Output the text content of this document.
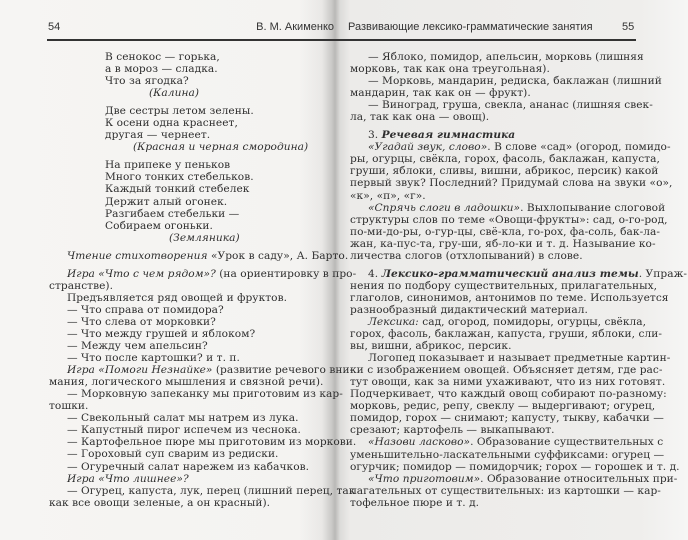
54	В. М. Акименко
В сенокос — горька,
а в мороз — сладка.
Что за ягодка?
(Калина)
Две сестры летом зелены.
К осени одна краснеет,
другая — чернеет.
(Красная и черная смородина)
На припеке у пеньков
Много тонких стебельков.
Каждый тонкий стебелек
Держит алый огонек.
Разгибаем стебельки —
Собираем огоньки.
(Земляника)
Чтение стихотворения «Урок в саду», А. Барто.
Игра «Что с чем рядом»? (на ориентировку в про-
странстве).
Предъявляется ряд овощей и фруктов.
— Что справа от помидора?
— Что слева от морковки?
— Что между грушей и яблоком?
— Между чем апельсин?
— Что после картошки? и т. п.
Игра «Помоги Незнайке» (развитие речевого вни-
мания, логического мышления и связной речи).
— Морковную запеканку мы приготовим из кар-
тошки.
— Свекольный салат мы натрем из лука.
— Капустный пирог испечем из чеснока.
— Картофельное пюре мы приготовим из моркови.
— Гороховый суп сварим из редиски.
— Огуречный салат нарежем из кабачков.
Игра «Что лишнее»?
— Огурец, капуста, лук, перец (лишний перец, так
как все овощи зеленые, а он красный).
Развивающие лексико-грамматические занятия	55
— Яблоко, помидор, апельсин, морковь (лишняя
морковь, так как она треугольная).
— Морковь, мандарин, редиска, баклажан (лишний
мандарин, так как он — фрукт).
— Виноград, груша, свекла, ананас (лишняя свек-
ла, так как она — овощ).
3. Речевая гимнастика
«Угадай звук, слово». В слове «сад» (огород, помидо-
ры, огурцы, свёкла, горох, фасоль, баклажан, капуста,
груши, яблоки, сливы, вишни, абрикос, персик) какой
первый звук? Последний? Придумай слова на звуки «о»,
«к», «п», «г».
«Спрячь слоги в ладошки». Выхлопывание слоговой
структуры слов по теме «Овощи-фрукты»: сад, о-го-род,
по-ми-до-ры, о-гур-цы, свё-кла, го-рох, фа-соль, бак-ла-
жан, ка-пус-та, гру-ши, яб-ло-ки и т. д. Называние ко-
личества слогов (отхлопываний) в слове.
4. Лексико-грамматический анализ темы. Упраж-
нения по подбору существительных, прилагательных,
глаголов, синонимов, антонимов по теме. Используется
разнообразный дидактический материал.
Лексика: сад, огород, помидоры, огурцы, свёкла,
горох, фасоль, баклажан, капуста, груши, яблоки, сли-
вы, вишни, абрикос, персик.
Логопед показывает и называет предметные картин-
ки с изображением овощей. Объясняет детям, где рас-
тут овощи, как за ними ухаживают, что из них готовят.
Подчеркивает, что каждый овощ собирают по-разному:
морковь, редис, репу, свеклу — выдергивают; огурец,
помидор, горох — снимают; капусту, тыкву, кабачки —
срезают; картофель — выкапывают.
«Назови ласково». Образование существительных с
уменьшительно-ласкательными суффиксами: огурец —
огурчик; помидор — помидорчик; горох — горошек и т. д.
«Что приготовим». Образование относительных при-
лагательных от существительных: из картошки — кар-
тофельное пюре и т. д.
